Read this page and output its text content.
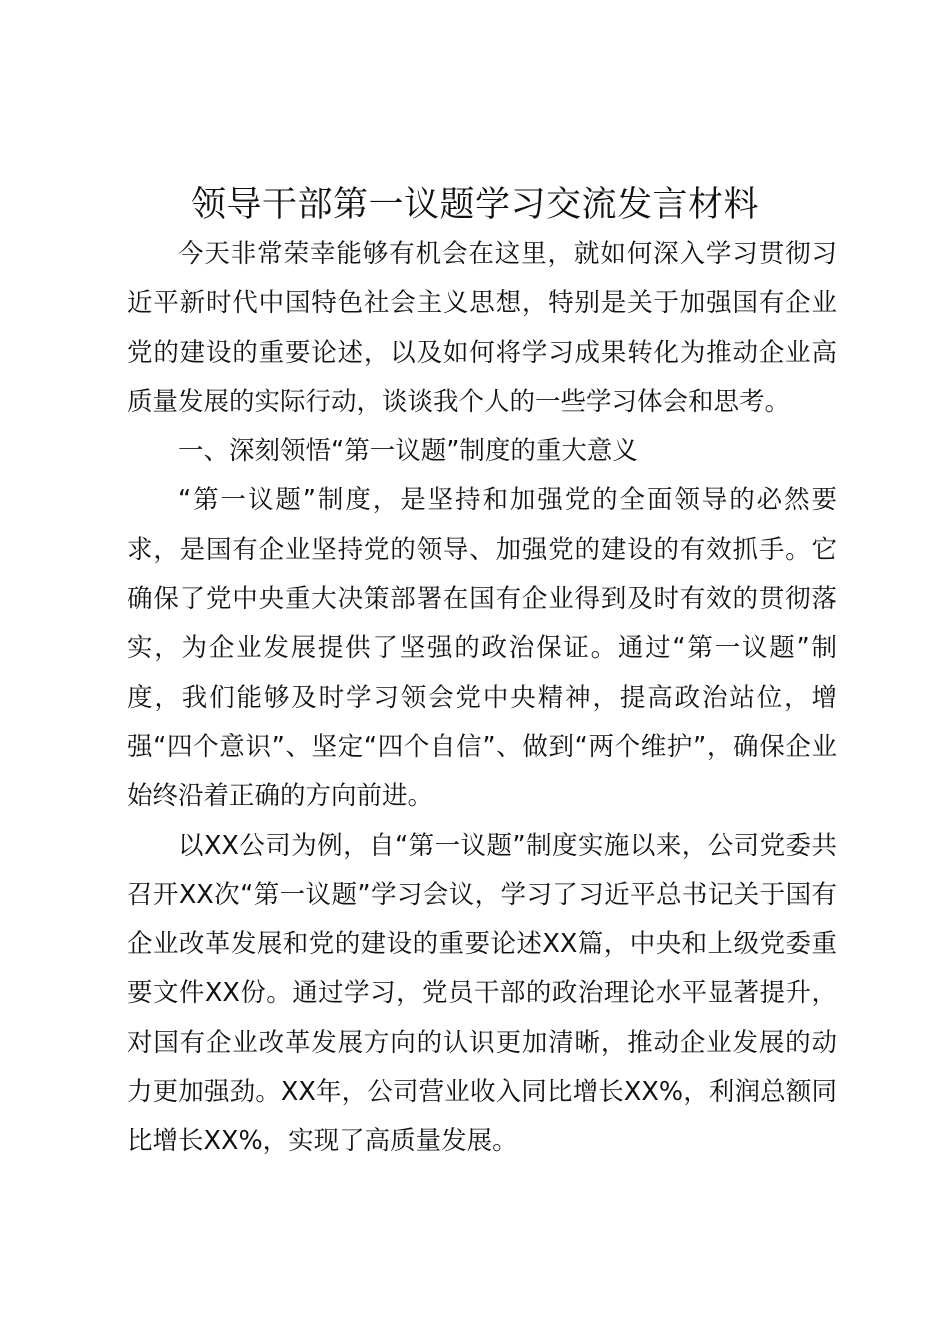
领导干部第一议题学习交流发言材料

今天非常荣幸能够有机会在这里，就如何深入学习贯彻习近平新时代中国特色社会主义思想，特别是关于加强国有企业党的建设的重要论述，以及如何将学习成果转化为推动企业高质量发展的实际行动，谈谈我个人的一些学习体会和思考。

一、深刻领悟“第一议题”制度的重大意义

“第一议题”制度，是坚持和加强党的全面领导的必然要求，是国有企业坚持党的领导、加强党的建设的有效抓手。它确保了党中央重大决策部署在国有企业得到及时有效的贯彻落实，为企业发展提供了坚强的政治保证。通过“第一议题”制度，我们能够及时学习领会党中央精神，提高政治站位，增强“四个意识”、坚定“四个自信”、做到“两个维护”，确保企业始终沿着正确的方向前进。

以XX公司为例，自“第一议题”制度实施以来，公司党委共召开XX次“第一议题”学习会议，学习了习近平总书记关于国有企业改革发展和党的建设的重要论述XX篇，中央和上级党委重要文件XX份。通过学习，党员干部的政治理论水平显著提升，对国有企业改革发展方向的认识更加清晰，推动企业发展的动力更加强劲。XX年，公司营业收入同比增长XX%，利润总额同比增长XX%，实现了高质量发展。
